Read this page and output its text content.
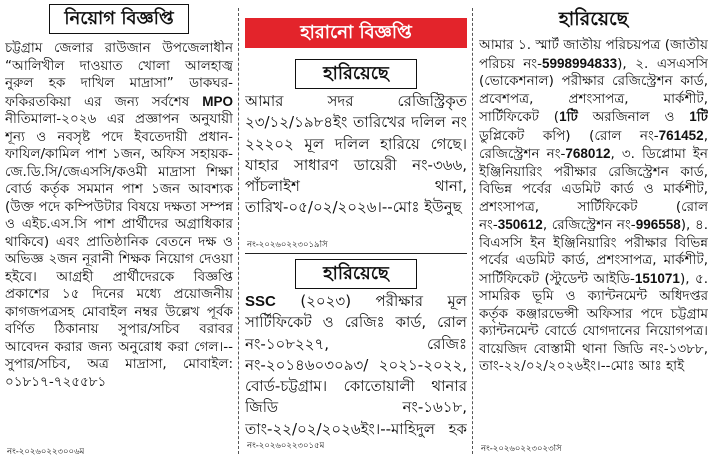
নিয়োগ বিজ্ঞপ্তি

চট্টগ্রাম জেলার রাউজান উপজেলাধীন “আলিখীল দাওয়াত খোলা আলহাজ্ব নুরুল হক দাখিল মাদ্রাসা” ডাকঘর-ফকিরতকিয়া এর জন্য সর্বশেষ MPO নীতিমালা-২০২৬ এর প্রজ্ঞাপন অনুযায়ী শূন্য ও নবসৃষ্ট পদে ইবতেদায়ী প্রধান-ফাযিল/কামিল পাশ ১জন, অফিস সহায়ক- জে.ডি.সি/জেএসসি/কওমী মাদ্রাসা শিক্ষা বোর্ড কর্তৃক সমমান পাশ ১জন আবশ্যক (উক্ত পদে কম্পিউটার বিষয়ে দক্ষতা সম্পন্ন ও এইচ.এস.সি পাশ প্রার্থীদের অগ্রাধিকার থাকিবে) এবং প্রাতিষ্ঠানিক বেতনে দক্ষ ও অভিজ্ঞ ২জন নূরানী শিক্ষক নিয়োগ দেওয়া হইবে। আগ্রহী প্রার্থীদেরকে বিজ্ঞপ্তি প্রকাশের ১৫ দিনের মধ্যে প্রয়োজনীয় কাগজপত্রসহ মোবাইল নম্বর উল্লেখ পূর্বক বর্ণিত ঠিকানায় সুপার/সচিব বরাবর আবেদন করার জন্য অনুরোধ করা গেল।-- সুপার/সচিব, অত্র মাদ্রাসা, মোবাইল: ০১৮১৭-৭২৫৫৮১

নং-২০২৬০২২৩০০৬ম
হারানো বিজ্ঞপ্তি
হারিয়েছে

আমার সদর রেজিস্ট্রিকৃত ২৩/১২/১৯৮৪ইং তারিখের দলিল নং ২২২০২ মূল দলিল হারিয়ে গেছে। যাহার সাধারণ ডায়েরী নং-৩৬৬, পাঁচলাইশ থানা, তারিখ-০৫/০২/২০২৬।--মোঃ ইউনুছ

নং-২০২৬০২২৩০১৯সি
হারিয়েছে

SSC (২০২৩) পরীক্ষার মূল সার্টিফিকেট ও রেজিঃ কার্ড, রোল নং-১০৮২২৭, রেজিঃ নং-২০১৪৬০৩০৯৩/ ২০২১-২০২২, বোর্ড-চট্টগ্রাম। কোতোয়ালী থানার জিডি নং-১৬১৮, তাং-২২/০২/২০২৬ইং।--মাহিদুল হক

নং-২০২৬০২২৩০১৫ম
হারিয়েছে

আমার ১. স্মার্ট জাতীয় পরিচয়পত্র (জাতীয় পরিচয় নং-5998994833), ২. এসএসসি (ভোকেশনাল) পরীক্ষার রেজিস্ট্রেশন কার্ড, প্রবেশপত্র, প্রশংসাপত্র, মার্কশীট, সার্টিফিকেট (1টি অরজিনাল ও 1টি ডুপ্লিকেট কপি) (রোল নং-761452, রেজিস্ট্রেশন নং-768012, ৩. ডিপ্লোমা ইন ইঞ্জিনিয়ারিং পরীক্ষার রেজিস্ট্রেশন কার্ড, বিভিন্ন পর্বের এডমিট কার্ড ও মার্কশীট, প্রশংসাপত্র, সার্টিফিকেট (রোল নং-350612, রেজিস্ট্রেশন নং-996558), ৪. বিএসসি ইন ইঞ্জিনিয়ারিং পরীক্ষার বিভিন্ন পর্বের এডমিট কার্ড, প্রশংসাপত্র, মার্কশীট, সার্টিফিকেট (স্টুডেন্ট আইডি-151071), ৫. সামরিক ভূমি ও ক্যান্টনমেন্ট অধিদপ্তর কর্তৃক কঞ্জারভেন্সী অফিসার পদে চট্টগ্রাম ক্যান্টনমেন্ট বোর্ডে যোগদানের নিয়োগপত্র। বায়েজিদ বোস্তামী থানা জিডি নং-১৩৮৮, তাং-২২/০২/২০২৬ইং।--মোঃ আঃ হাই

নং-২০২৬০২২৩০২৩সি
